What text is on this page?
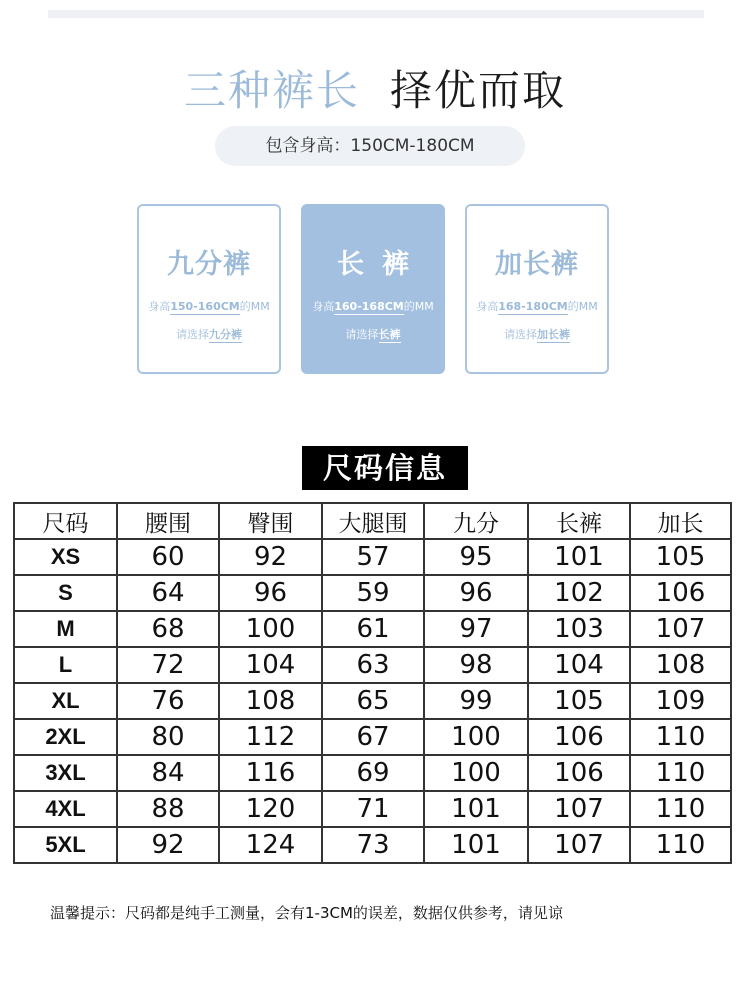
三种裤长 择优而取
包含身高：150CM-180CM
九分裤
身高150-160CM的MM
请选择九分裤
长裤
身高160-168CM的MM
请选择长裤
加长裤
身高168-180CM的MM
请选择加长裤
尺码信息
尺码	腰围	臀围	大腿围	九分	长裤	加长
XS	60	92	57	95	101	105
S	64	96	59	96	102	106
M	68	100	61	97	103	107
L	72	104	63	98	104	108
XL	76	108	65	99	105	109
2XL	80	112	67	100	106	110
3XL	84	116	69	100	106	110
4XL	88	120	71	101	107	110
5XL	92	124	73	101	107	110
温馨提示：尺码都是纯手工测量，会有1-3CM的误差，数据仅供参考，请见谅
